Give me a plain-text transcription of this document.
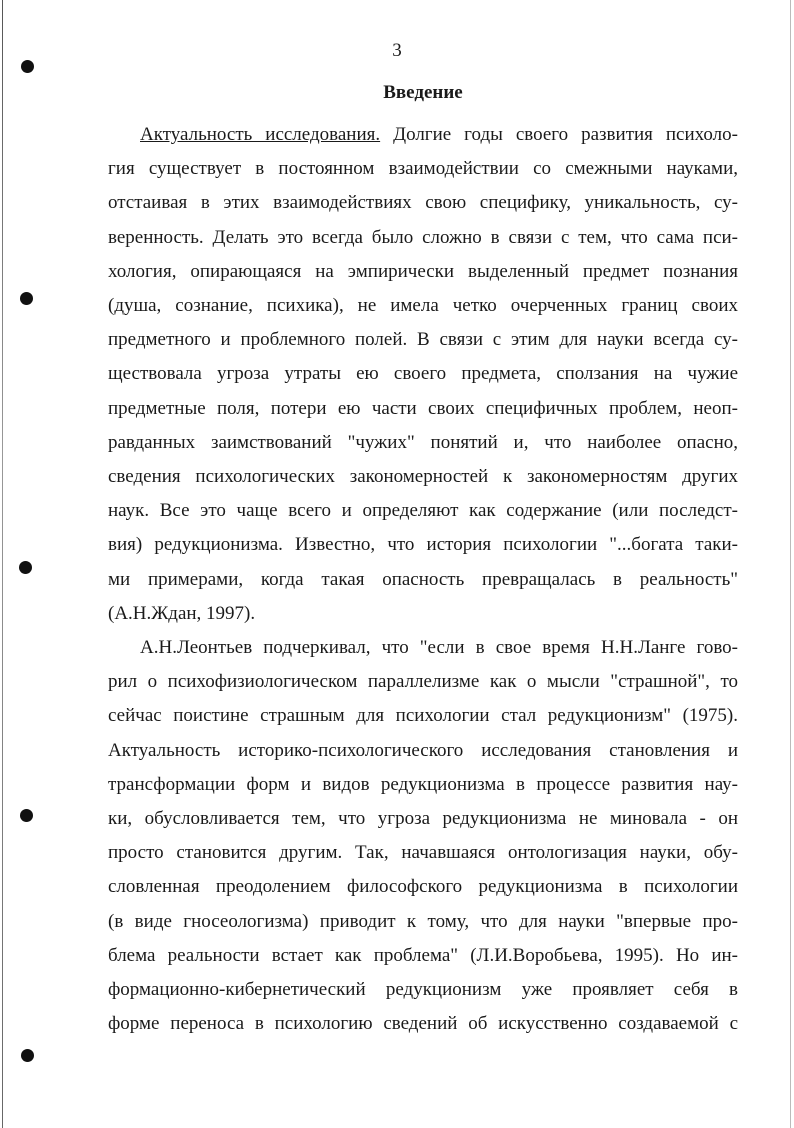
3
Введение
Актуальность исследования. Долгие годы своего развития психоло-
гия существует в постоянном взаимодействии со смежными науками,
отстаивая в этих взаимодействиях свою специфику, уникальность, су-
веренность. Делать это всегда было сложно в связи с тем, что сама пси-
хология, опирающаяся на эмпирически выделенный предмет познания
(душа, сознание, психика), не имела четко очерченных границ своих
предметного и проблемного полей. В связи с этим для науки всегда су-
ществовала угроза утраты ею своего предмета, сползания на чужие
предметные поля, потери ею части своих специфичных проблем, неоп-
равданных заимствований "чужих" понятий и, что наиболее опасно,
сведения психологических закономерностей к закономерностям других
наук. Все это чаще всего и определяют как содержание (или последст-
вия) редукционизма. Известно, что история психологии "...богата таки-
ми примерами, когда такая опасность превращалась в реальность"
(А.Н.Ждан, 1997).
А.Н.Леонтьев подчеркивал, что "если в свое время Н.Н.Ланге гово-
рил о психофизиологическом параллелизме как о мысли "страшной", то
сейчас поистине страшным для психологии стал редукционизм" (1975).
Актуальность историко-психологического исследования становления и
трансформации форм и видов редукционизма в процессе развития нау-
ки, обусловливается тем, что угроза редукционизма не миновала - он
просто становится другим. Так, начавшаяся онтологизация науки, обу-
словленная преодолением философского редукционизма в психологии
(в виде гносеологизма) приводит к тому, что для науки "впервые про-
блема реальности встает как проблема" (Л.И.Воробьева, 1995). Но ин-
формационно-кибернетический редукционизм уже проявляет себя в
форме переноса в психологию сведений об искусственно создаваемой с
